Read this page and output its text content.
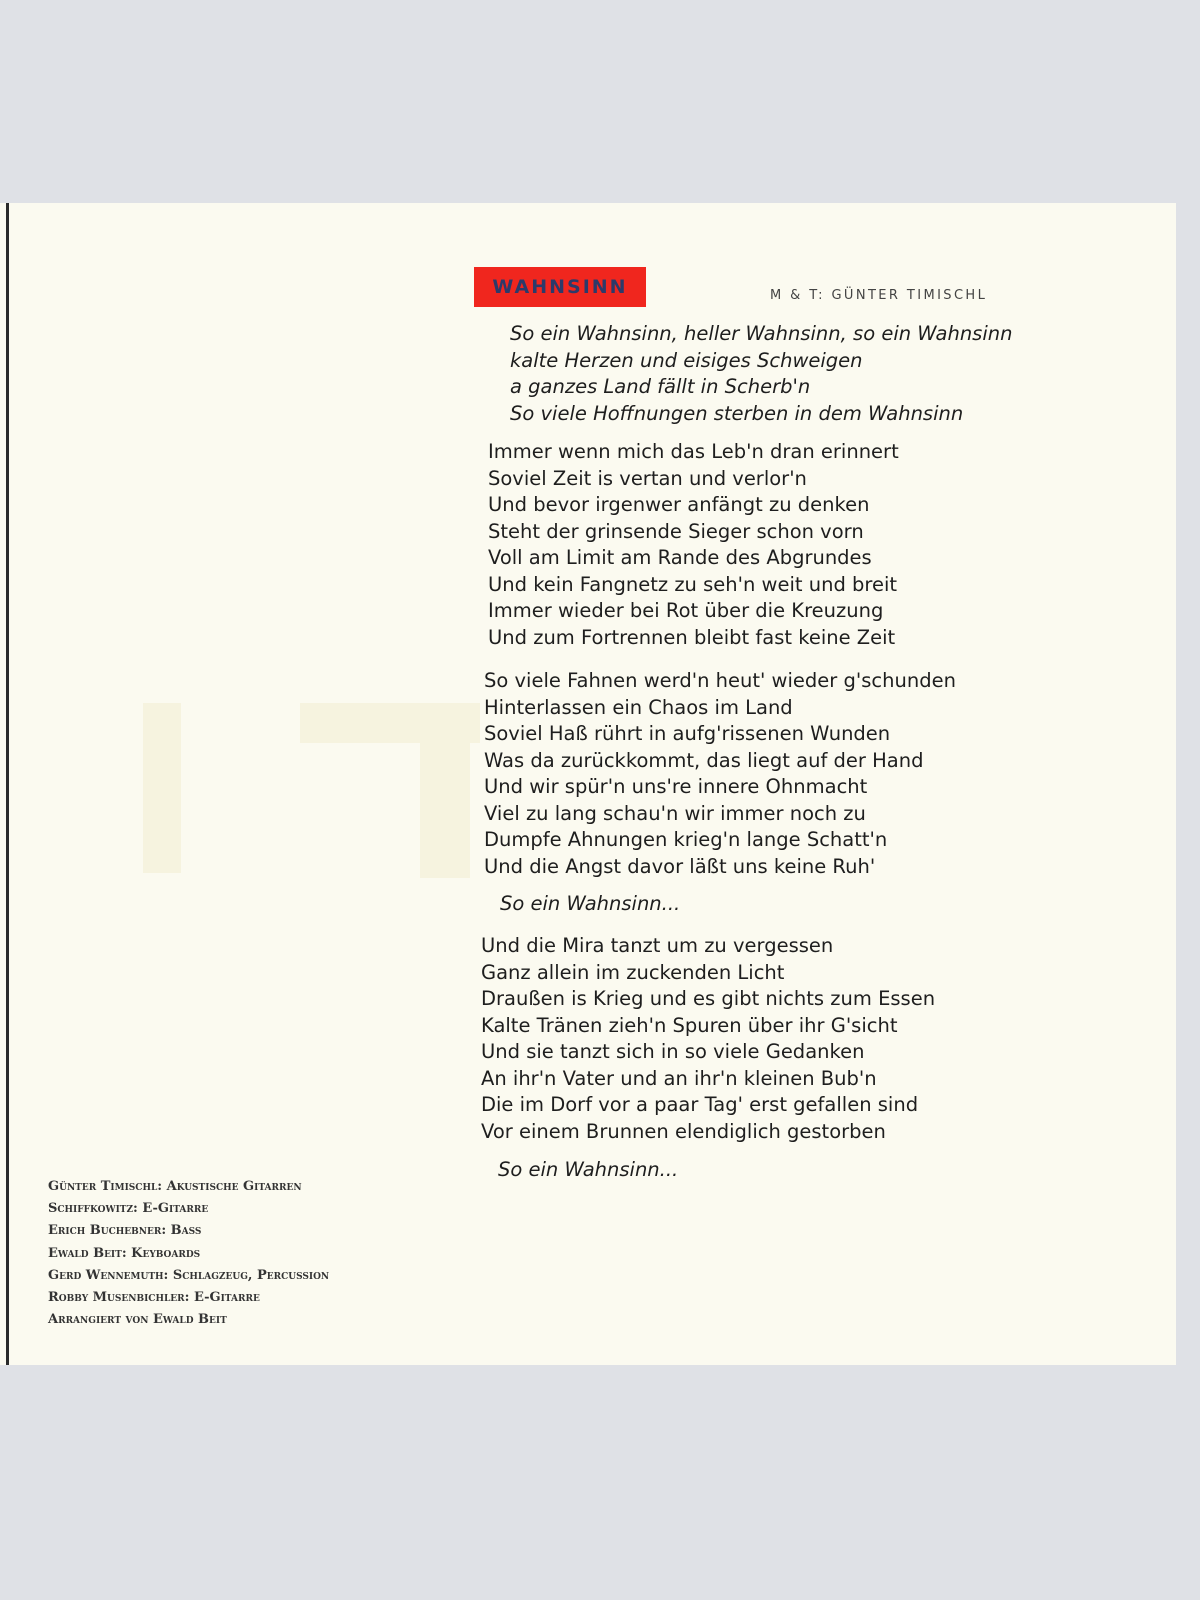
WAHNSINN	M & T: GÜNTER TIMISCHL
So ein Wahnsinn, heller Wahnsinn, so ein Wahnsinn
kalte Herzen und eisiges Schweigen
a ganzes Land fällt in Scherb'n
So viele Hoffnungen sterben in dem Wahnsinn
Immer wenn mich das Leb'n dran erinnert
Soviel Zeit is vertan und verlor'n
Und bevor irgenwer anfängt zu denken
Steht der grinsende Sieger schon vorn
Voll am Limit am Rande des Abgrundes
Und kein Fangnetz zu seh'n weit und breit
Immer wieder bei Rot über die Kreuzung
Und zum Fortrennen bleibt fast keine Zeit
So viele Fahnen werd'n heut' wieder g'schunden
Hinterlassen ein Chaos im Land
Soviel Haß rührt in aufg'rissenen Wunden
Was da zurückkommt, das liegt auf der Hand
Und wir spür'n uns're innere Ohnmacht
Viel zu lang schau'n wir immer noch zu
Dumpfe Ahnungen krieg'n lange Schatt'n
Und die Angst davor läßt uns keine Ruh'
So ein Wahnsinn...
Und die Mira tanzt um zu vergessen
Ganz allein im zuckenden Licht
Draußen is Krieg und es gibt nichts zum Essen
Kalte Tränen zieh'n Spuren über ihr G'sicht
Und sie tanzt sich in so viele Gedanken
An ihr'n Vater und an ihr'n kleinen Bub'n
Die im Dorf vor a paar Tag' erst gefallen sind
Vor einem Brunnen elendiglich gestorben
So ein Wahnsinn...
Günter Timischl: Akustische Gitarren
Schiffkowitz: E-Gitarre
Erich Buchebner: Bass
Ewald Beit: Keyboards
Gerd Wennemuth: Schlagzeug, Percussion
Robby Musenbichler: E-Gitarre
Arrangiert von Ewald Beit
